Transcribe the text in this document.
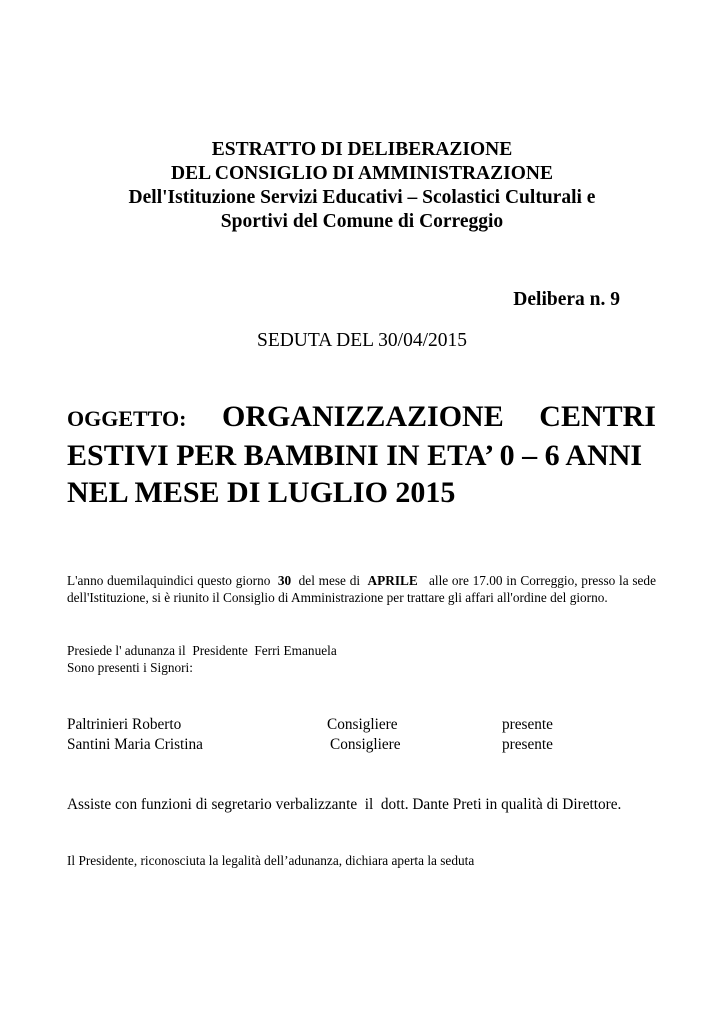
ESTRATTO DI DELIBERAZIONE
DEL CONSIGLIO DI AMMINISTRAZIONE
Dell'Istituzione Servizi Educativi – Scolastici Culturali e
Sportivi del Comune di Correggio
Delibera n. 9
SEDUTA DEL 30/04/2015
OGGETTO: ORGANIZZAZIONE CENTRI
ESTIVI PER BAMBINI IN ETA’ 0 – 6 ANNI
NEL MESE DI LUGLIO 2015
L'anno duemilaquindici questo giorno 30 del mese di APRILE alle ore 17.00 in Correggio, presso la sede dell'Istituzione, si è riunito il Consiglio di Amministrazione per trattare gli affari all'ordine del giorno.
Presiede l' adunanza il  Presidente  Ferri Emanuela
Sono presenti i Signori:
Paltrinieri Roberto	Consigliere	presente
Santini Maria Cristina	Consigliere	presente
Assiste con funzioni di segretario verbalizzante  il  dott. Dante Preti in qualità di Direttore.
Il Presidente, riconosciuta la legalità dell’adunanza, dichiara aperta la seduta
